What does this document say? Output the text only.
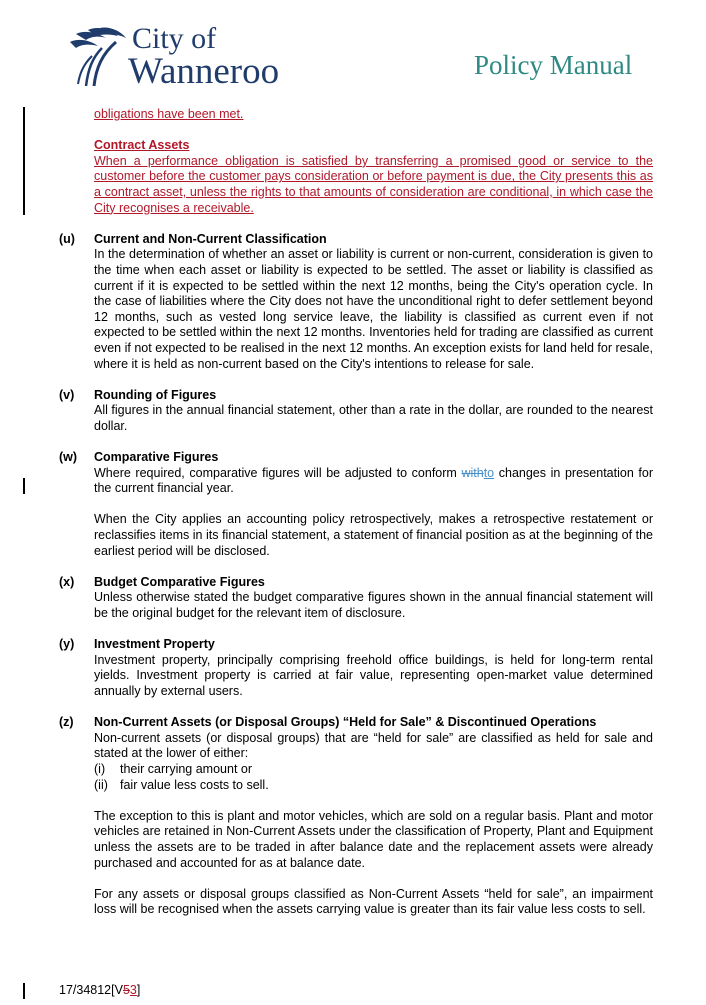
City of
Wanneroo	Policy Manual
obligations have been met.
Contract Assets
When a performance obligation is satisfied by transferring a promised good or service to the customer before the customer pays consideration or before payment is due, the City presents this as a contract asset, unless the rights to that amounts of consideration are conditional, in which case the City recognises a receivable.
(u)	Current and Non-Current Classification
In the determination of whether an asset or liability is current or non-current, consideration is given to the time when each asset or liability is expected to be settled. The asset or liability is classified as current if it is expected to be settled within the next 12 months, being the City's operation cycle. In the case of liabilities where the City does not have the unconditional right to defer settlement beyond 12 months, such as vested long service leave, the liability is classified as current even if not expected to be settled within the next 12 months. Inventories held for trading are classified as current even if not expected to be realised in the next 12 months. An exception exists for land held for resale, where it is held as non-current based on the City's intentions to release for sale.
(v)	Rounding of Figures
All figures in the annual financial statement, other than a rate in the dollar, are rounded to the nearest dollar.
(w)	Comparative Figures
Where required, comparative figures will be adjusted to conform withto changes in presentation for the current financial year.
When the City applies an accounting policy retrospectively, makes a retrospective restatement or reclassifies items in its financial statement, a statement of financial position as at the beginning of the earliest period will be disclosed.
(x)	Budget Comparative Figures
Unless otherwise stated the budget comparative figures shown in the annual financial statement will be the original budget for the relevant item of disclosure.
(y)	Investment Property
Investment property, principally comprising freehold office buildings, is held for long-term rental yields. Investment property is carried at fair value, representing open-market value determined annually by external users.
(z)	Non-Current Assets (or Disposal Groups) “Held for Sale” & Discontinued Operations
Non-current assets (or disposal groups) that are “held for sale” are classified as held for sale and stated at the lower of either:
(i)	their carrying amount or
(ii) fair value less costs to sell.
The exception to this is plant and motor vehicles, which are sold on a regular basis. Plant and motor vehicles are retained in Non-Current Assets under the classification of Property, Plant and Equipment unless the assets are to be traded in after balance date and the replacement assets were already purchased and accounted for as at balance date.
For any assets or disposal groups classified as Non-Current Assets “held for sale”, an impairment loss will be recognised when the assets carrying value is greater than its fair value less costs to sell.
17/34812[V53]
